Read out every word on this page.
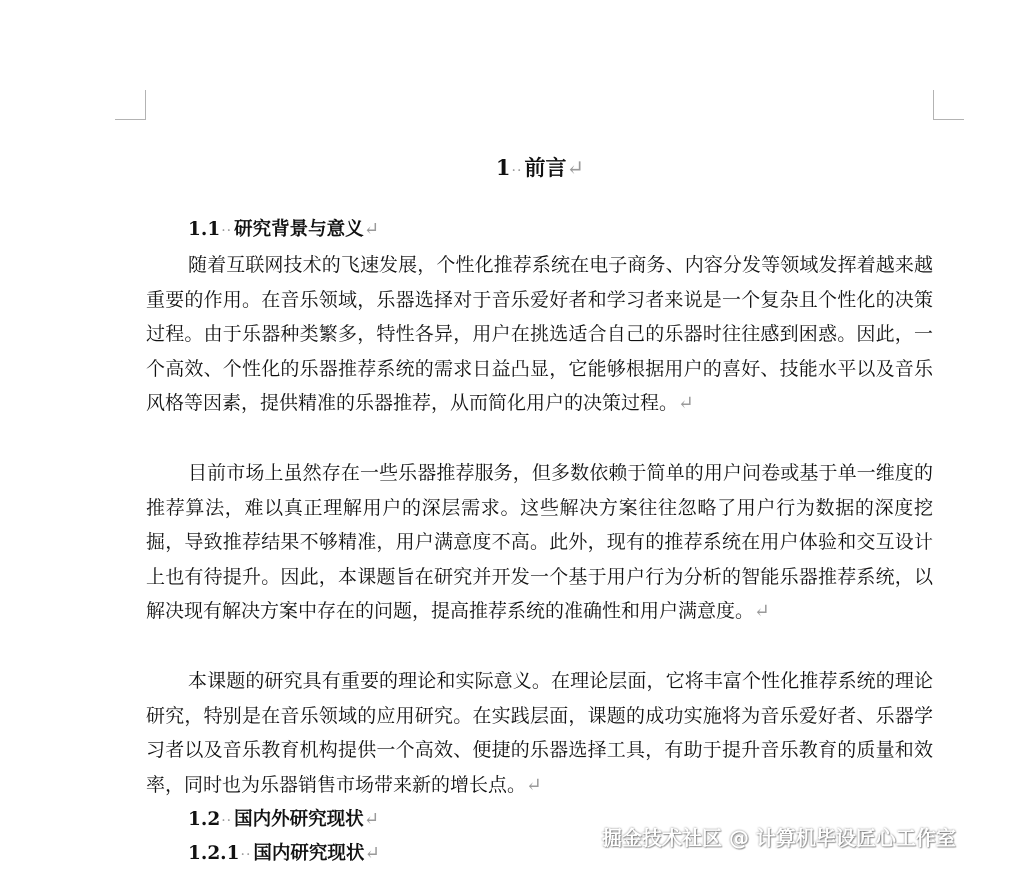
1··前言↵
1.1·· 研究背景与意义↵

随着互联网技术的飞速发展，个性化推荐系统在电子商务、内容分发等领域发挥着越来越重要的作用。在音乐领域，乐器选择对于音乐爱好者和学习者来说是一个复杂且个性化的决策过程。由于乐器种类繁多，特性各异，用户在挑选适合自己的乐器时往往感到困惑。因此，一个高效、个性化的乐器推荐系统的需求日益凸显，它能够根据用户的喜好、技能水平以及音乐风格等因素，提供精准的乐器推荐，从而简化用户的决策过程。↵

目前市场上虽然存在一些乐器推荐服务，但多数依赖于简单的用户问卷或基于单一维度的推荐算法，难以真正理解用户的深层需求。这些解决方案往往忽略了用户行为数据的深度挖掘，导致推荐结果不够精准，用户满意度不高。此外，现有的推荐系统在用户体验和交互设计上也有待提升。因此，本课题旨在研究并开发一个基于用户行为分析的智能乐器推荐系统，以解决现有解决方案中存在的问题，提高推荐系统的准确性和用户满意度。↵

本课题的研究具有重要的理论和实际意义。在理论层面，它将丰富个性化推荐系统的理论研究，特别是在音乐领域的应用研究。在实践层面，课题的成功实施将为音乐爱好者、乐器学习者以及音乐教育机构提供一个高效、便捷的乐器选择工具，有助于提升音乐教育的质量和效率，同时也为乐器销售市场带来新的增长点。↵

1.2·· 国内外研究现状↵
1.2.1·· 国内研究现状↵
掘金技术社区 @ 计算机毕设匠心工作室
